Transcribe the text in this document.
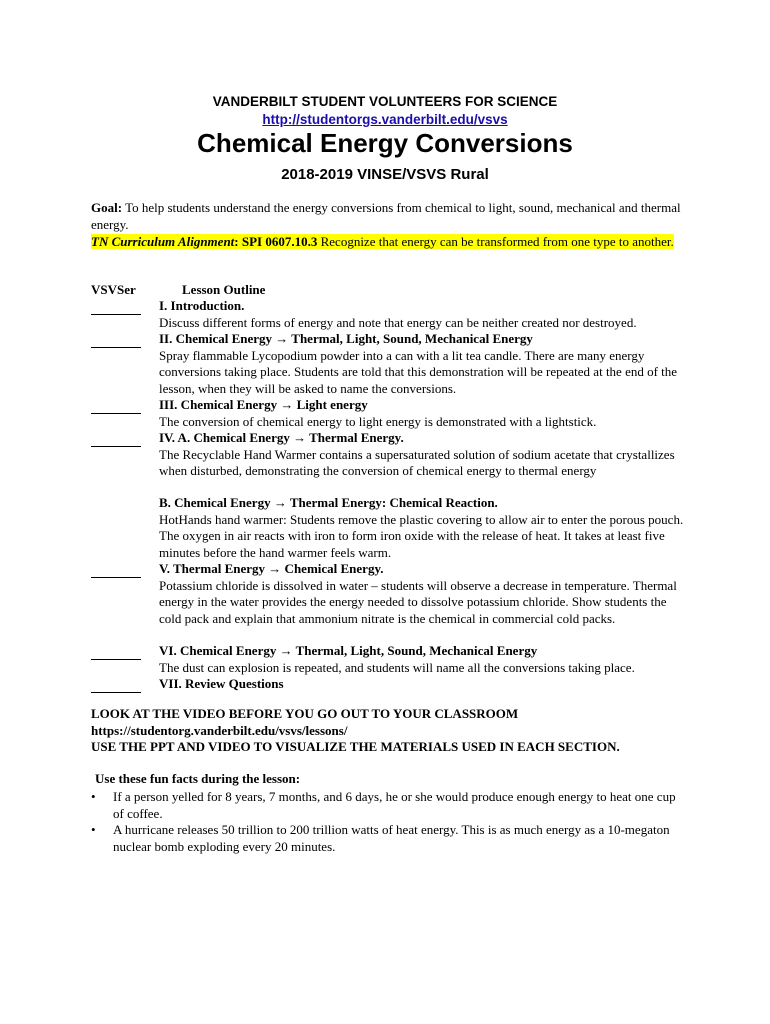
VANDERBILT STUDENT VOLUNTEERS FOR SCIENCE
http://studentorgs.vanderbilt.edu/vsvs
Chemical Energy Conversions
2018-2019 VINSE/VSVS Rural
Goal: To help students understand the energy conversions from chemical to light, sound, mechanical and thermal energy.
TN Curriculum Alignment: SPI 0607.10.3 Recognize that energy can be transformed from one type to another.
VSVSer	Lesson Outline
I. Introduction.
Discuss different forms of energy and note that energy can be neither created nor destroyed.
II. Chemical Energy → Thermal, Light, Sound, Mechanical Energy
Spray flammable Lycopodium powder into a can with a lit tea candle. There are many energy conversions taking place. Students are told that this demonstration will be repeated at the end of the lesson, when they will be asked to name the conversions.
III. Chemical Energy → Light energy
The conversion of chemical energy to light energy is demonstrated with a lightstick.
IV. A. Chemical Energy → Thermal Energy.
The Recyclable Hand Warmer contains a supersaturated solution of sodium acetate that crystallizes when disturbed, demonstrating the conversion of chemical energy to thermal energy
B. Chemical Energy → Thermal Energy: Chemical Reaction.
HotHands hand warmer: Students remove the plastic covering to allow air to enter the porous pouch. The oxygen in air reacts with iron to form iron oxide with the release of heat. It takes at least five minutes before the hand warmer feels warm.
V. Thermal Energy → Chemical Energy.
Potassium chloride is dissolved in water – students will observe a decrease in temperature. Thermal energy in the water provides the energy needed to dissolve potassium chloride. Show students the cold pack and explain that ammonium nitrate is the chemical in commercial cold packs.
VI. Chemical Energy → Thermal, Light, Sound, Mechanical Energy
The dust can explosion is repeated, and students will name all the conversions taking place.
VII. Review Questions
LOOK AT THE VIDEO BEFORE YOU GO OUT TO YOUR CLASSROOM
https://studentorg.vanderbilt.edu/vsvs/lessons/
USE THE PPT AND VIDEO TO VISUALIZE THE MATERIALS USED IN EACH SECTION.
Use these fun facts during the lesson:
• If a person yelled for 8 years, 7 months, and 6 days, he or she would produce enough energy to heat one cup of coffee.
• A hurricane releases 50 trillion to 200 trillion watts of heat energy. This is as much energy as a 10-megaton nuclear bomb exploding every 20 minutes.
